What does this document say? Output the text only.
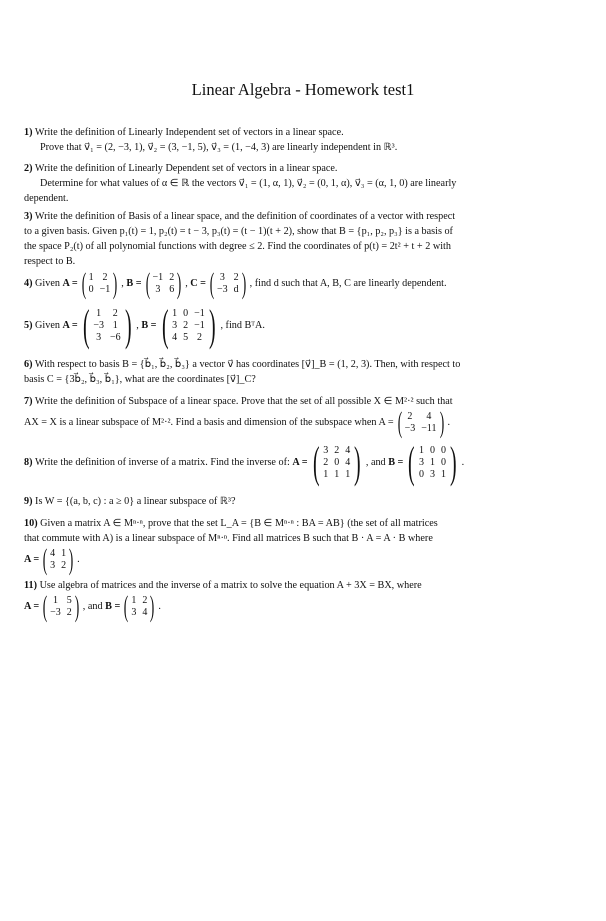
Linear Algebra - Homework test1
1) Write the definition of Linearly Independent set of vectors in a linear space.
Prove that v⃗₁ = (2, −3, 1), v⃗₂ = (3, −1, 5), v⃗₃ = (1, −4, 3) are linearly independent in ℝ³.
2) Write the definition of Linearly Dependent set of vectors in a linear space.
Determine for what values of α ∈ ℝ the vectors v⃗₁ = (1, α, 1), v⃗₂ = (0, 1, α), v⃗₃ = (α, 1, 0) are linearly
dependent.
3) Write the definition of Basis of a linear space, and the definition of coordinates of a vector with respect
to a given basis. Given p₁(t) = 1, p₂(t) = t − 3, p₃(t) = (t − 1)(t + 2), show that B = {p₁, p₂, p₃} is a basis of
the space P₂(t) of all polynomial functions with degree ≤ 2. Find the coordinates of p(t) = 2t² + t + 2 with
respect to B.
4)
Given
A = ( 1 2
0 −1 ) , B = ( −1 2
3 6 ) , C = ( 3 2
−3 d ) , find d such that A, B, C are linearly dependent.
5)
Given
A = ( 1 2
−3 1
3 −6 ) , B = ( 1 0 −1
3 2 −1
4 5 2 ) , find BᵀA.
6) With respect to basis B = {b⃗₁, b⃗₂, b⃗₃} a vector v⃗ has coordinates [v⃗]_B = (1, 2, 3). Then, with respect to
basis C = {3b⃗₂, b⃗₃, b⃗₁}, what are the coordinates [v⃗]_C?
7) Write the definition of Subspace of a linear space. Prove that the set of all possible X ∈ M²·² such that
AX = X is a linear subspace of M²·². Find a basis and dimension of the subspace when A = ( 2	4
−3 −11 ) .
8)
Write the definition of inverse of a matrix. Find the inverse of:
A = ( 3 2 4
2 0 4
1 1 1 ) , and
B = ( 1 0 0
3 1 0
0 3 1 ) .
9) Is W = {(a, b, c) : a ≥ 0} a linear subspace of ℝ³?
10) Given a matrix A ∈ Mⁿ·ⁿ, prove that the set L_A = {B ∈ Mⁿ·ⁿ : BA = AB} (the set of all matrices
that commute with A) is a linear subspace of Mⁿ·ⁿ. Find all matrices B such that B · A = A · B where
A = ( 4 1
3 2 ) .
11) Use algebra of matrices and the inverse of a matrix to solve the equation A + 3X = BX, where
A = ( 1 5
−3 2 ) , and
B = ( 1 2
3 4 ) .
